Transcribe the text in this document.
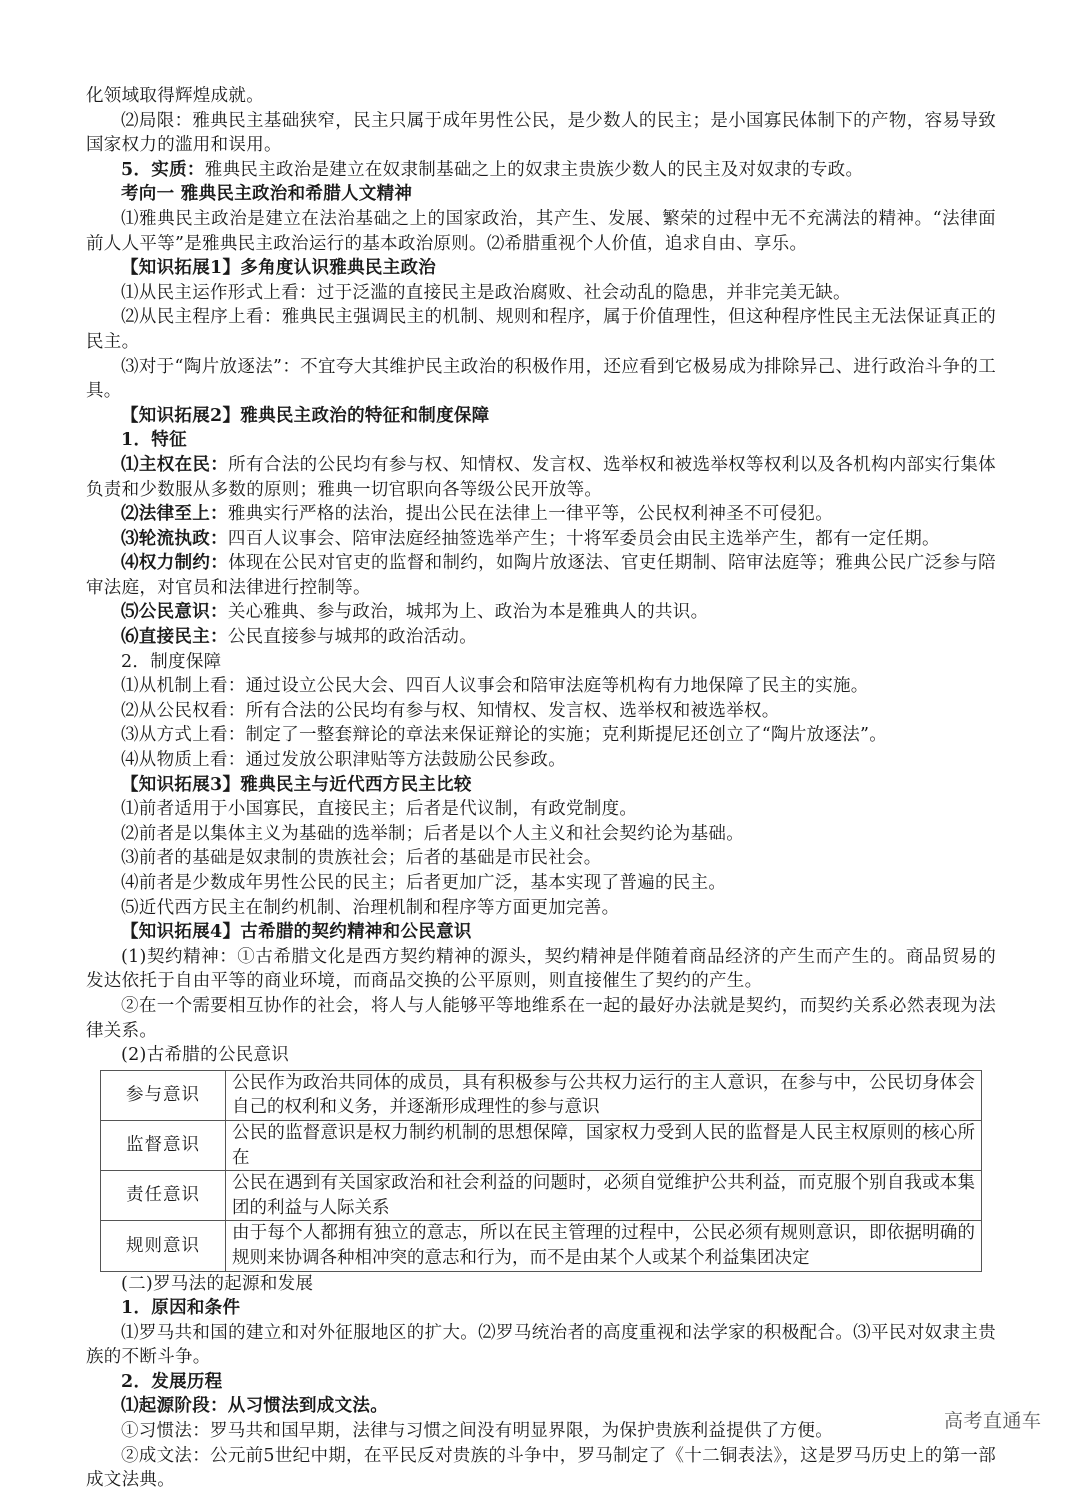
化领域取得辉煌成就。

⑵局限：雅典民主基础狭窄，民主只属于成年男性公民，是少数人的民主；是小国寡民体制下的产物，容易导致国家权力的滥用和误用。

5．实质：雅典民主政治是建立在奴隶制基础之上的奴隶主贵族少数人的民主及对奴隶的专政。

考向一 雅典民主政治和希腊人文精神

⑴雅典民主政治是建立在法治基础之上的国家政治，其产生、发展、繁荣的过程中无不充满法的精神。“法律面前人人平等”是雅典民主政治运行的基本政治原则。⑵希腊重视个人价值，追求自由、享乐。

【知识拓展1】多角度认识雅典民主政治

⑴从民主运作形式上看：过于泛滥的直接民主是政治腐败、社会动乱的隐患，并非完美无缺。

⑵从民主程序上看：雅典民主强调民主的机制、规则和程序，属于价值理性，但这种程序性民主无法保证真正的民主。

⑶对于“陶片放逐法”：不宜夸大其维护民主政治的积极作用，还应看到它极易成为排除异己、进行政治斗争的工具。

【知识拓展2】雅典民主政治的特征和制度保障

1．特征

⑴主权在民：所有合法的公民均有参与权、知情权、发言权、选举权和被选举权等权利以及各机构内部实行集体负责和少数服从多数的原则；雅典一切官职向各等级公民开放等。

⑵法律至上：雅典实行严格的法治，提出公民在法律上一律平等，公民权利神圣不可侵犯。

⑶轮流执政：四百人议事会、陪审法庭经抽签选举产生；十将军委员会由民主选举产生，都有一定任期。

⑷权力制约：体现在公民对官吏的监督和制约，如陶片放逐法、官吏任期制、陪审法庭等；雅典公民广泛参与陪审法庭，对官员和法律进行控制等。

⑸公民意识：关心雅典、参与政治，城邦为上、政治为本是雅典人的共识。

⑹直接民主：公民直接参与城邦的政治活动。

2．制度保障

⑴从机制上看：通过设立公民大会、四百人议事会和陪审法庭等机构有力地保障了民主的实施。

⑵从公民权看：所有合法的公民均有参与权、知情权、发言权、选举权和被选举权。

⑶从方式上看：制定了一整套辩论的章法来保证辩论的实施；克利斯提尼还创立了“陶片放逐法”。

⑷从物质上看：通过发放公职津贴等方法鼓励公民参政。

【知识拓展3】雅典民主与近代西方民主比较

⑴前者适用于小国寡民，直接民主；后者是代议制，有政党制度。

⑵前者是以集体主义为基础的选举制；后者是以个人主义和社会契约论为基础。

⑶前者的基础是奴隶制的贵族社会；后者的基础是市民社会。

⑷前者是少数成年男性公民的民主；后者更加广泛，基本实现了普遍的民主。

⑸近代西方民主在制约机制、治理机制和程序等方面更加完善。

【知识拓展4】古希腊的契约精神和公民意识

(1)契约精神：①古希腊文化是西方契约精神的源头，契约精神是伴随着商品经济的产生而产生的。商品贸易的发达依托于自由平等的商业环境，而商品交换的公平原则，则直接催生了契约的产生。

②在一个需要相互协作的社会，将人与人能够平等地维系在一起的最好办法就是契约，而契约关系必然表现为法律关系。

(2)古希腊的公民意识

参与意识	公民作为政治共同体的成员，具有积极参与公共权力运行的主人意识，在参与中，公民切身体会自己的权利和义务，并逐渐形成理性的参与意识
监督意识	公民的监督意识是权力制约机制的思想保障，国家权力受到人民的监督是人民主权原则的核心所在
责任意识	公民在遇到有关国家政治和社会利益的问题时，必须自觉维护公共利益，而克服个别自我或本集团的利益与人际关系
规则意识	由于每个人都拥有独立的意志，所以在民主管理的过程中，公民必须有规则意识，即依据明确的规则来协调各种相冲突的意志和行为，而不是由某个人或某个利益集团决定

(二)罗马法的起源和发展

1．原因和条件

⑴罗马共和国的建立和对外征服地区的扩大。⑵罗马统治者的高度重视和法学家的积极配合。⑶平民对奴隶主贵族的不断斗争。

2．发展历程

⑴起源阶段：从习惯法到成文法。

①习惯法：罗马共和国早期，法律与习惯之间没有明显界限，为保护贵族利益提供了方便。

②成文法：公元前5世纪中期，在平民反对贵族的斗争中，罗马制定了《十二铜表法》，这是罗马历史上的第一部成文法典。

高考直通车
